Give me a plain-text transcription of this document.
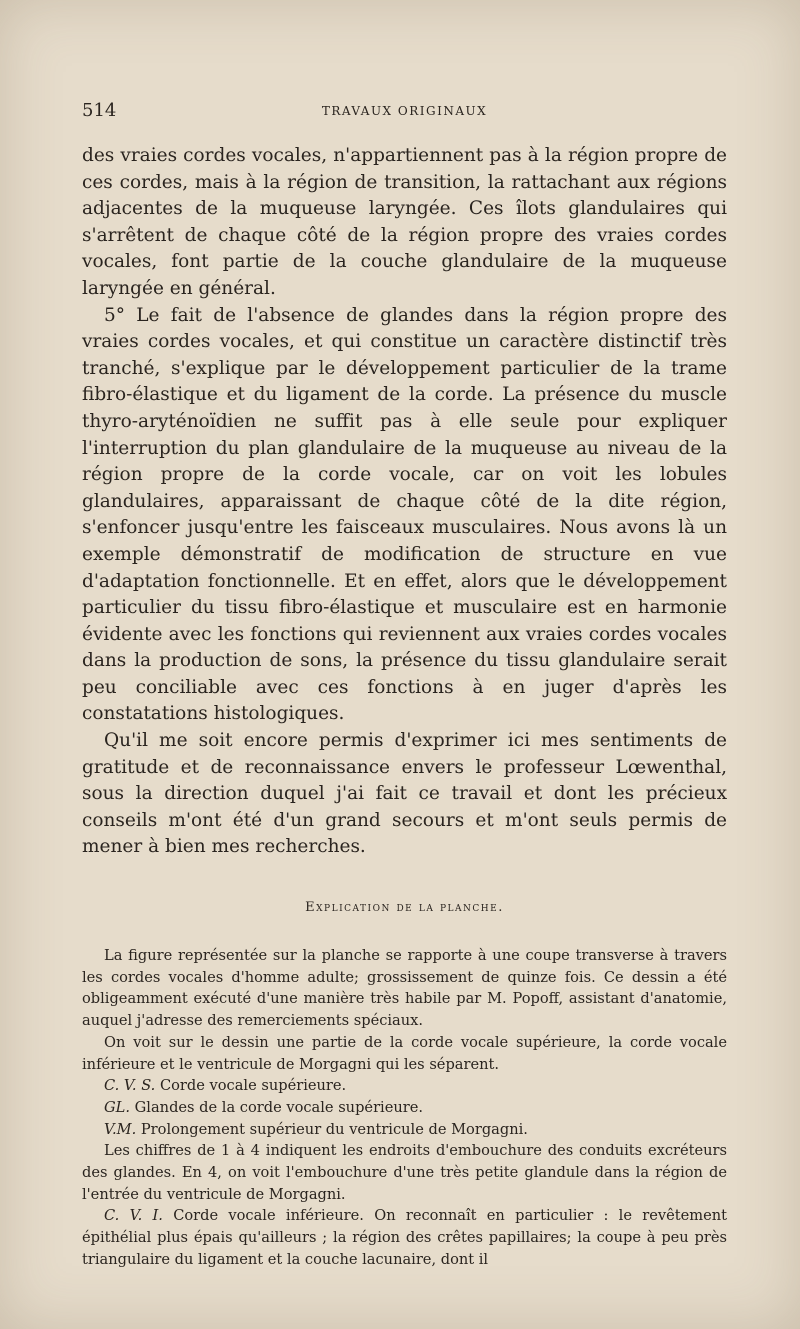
514	TRAVAUX ORIGINAUX

des vraies cordes vocales, n'appartiennent pas à la région propre de ces cordes, mais à la région de transition, la rattachant aux régions adjacentes de la muqueuse laryngée. Ces îlots glandulaires qui s'arrêtent de chaque côté de la région propre des vraies cordes vocales, font partie de la couche glandulaire de la muqueuse laryngée en général.

5° Le fait de l'absence de glandes dans la région propre des vraies cordes vocales, et qui constitue un caractère distinctif très tranché, s'explique par le développement particulier de la trame fibro-élastique et du ligament de la corde. La présence du muscle thyro-aryténoïdien ne suffit pas à elle seule pour expliquer l'interruption du plan glandulaire de la muqueuse au niveau de la région propre de la corde vocale, car on voit les lobules glandulaires, apparaissant de chaque côté de la dite région, s'enfoncer jusqu'entre les faisceaux musculaires. Nous avons là un exemple démonstratif de modification de structure en vue d'adaptation fonctionnelle. Et en effet, alors que le développement particulier du tissu fibro-élastique et musculaire est en harmonie évidente avec les fonctions qui reviennent aux vraies cordes vocales dans la production de sons, la présence du tissu glandulaire serait peu conciliable avec ces fonctions à en juger d'après les constatations histologiques.

Qu'il me soit encore permis d'exprimer ici mes sentiments de gratitude et de reconnaissance envers le professeur Lœwenthal, sous la direction duquel j'ai fait ce travail et dont les précieux conseils m'ont été d'un grand secours et m'ont seuls permis de mener à bien mes recherches.

Explication de la planche.

La figure représentée sur la planche se rapporte à une coupe transverse à travers les cordes vocales d'homme adulte; grossissement de quinze fois. Ce dessin a été obligeamment exécuté d'une manière très habile par M. Popoff, assistant d'anatomie, auquel j'adresse des remerciements spéciaux.

On voit sur le dessin une partie de la corde vocale supérieure, la corde vocale inférieure et le ventricule de Morgagni qui les séparent.

C. V. S. Corde vocale supérieure.

GL. Glandes de la corde vocale supérieure.

V.M. Prolongement supérieur du ventricule de Morgagni.

Les chiffres de 1 à 4 indiquent les endroits d'embouchure des conduits excréteurs des glandes. En 4, on voit l'embouchure d'une très petite glandule dans la région de l'entrée du ventricule de Morgagni.

C. V. I. Corde vocale inférieure. On reconnaît en particulier : le revêtement épithélial plus épais qu'ailleurs ; la région des crêtes papillaires; la coupe à peu près triangulaire du ligament et la couche lacunaire, dont il
